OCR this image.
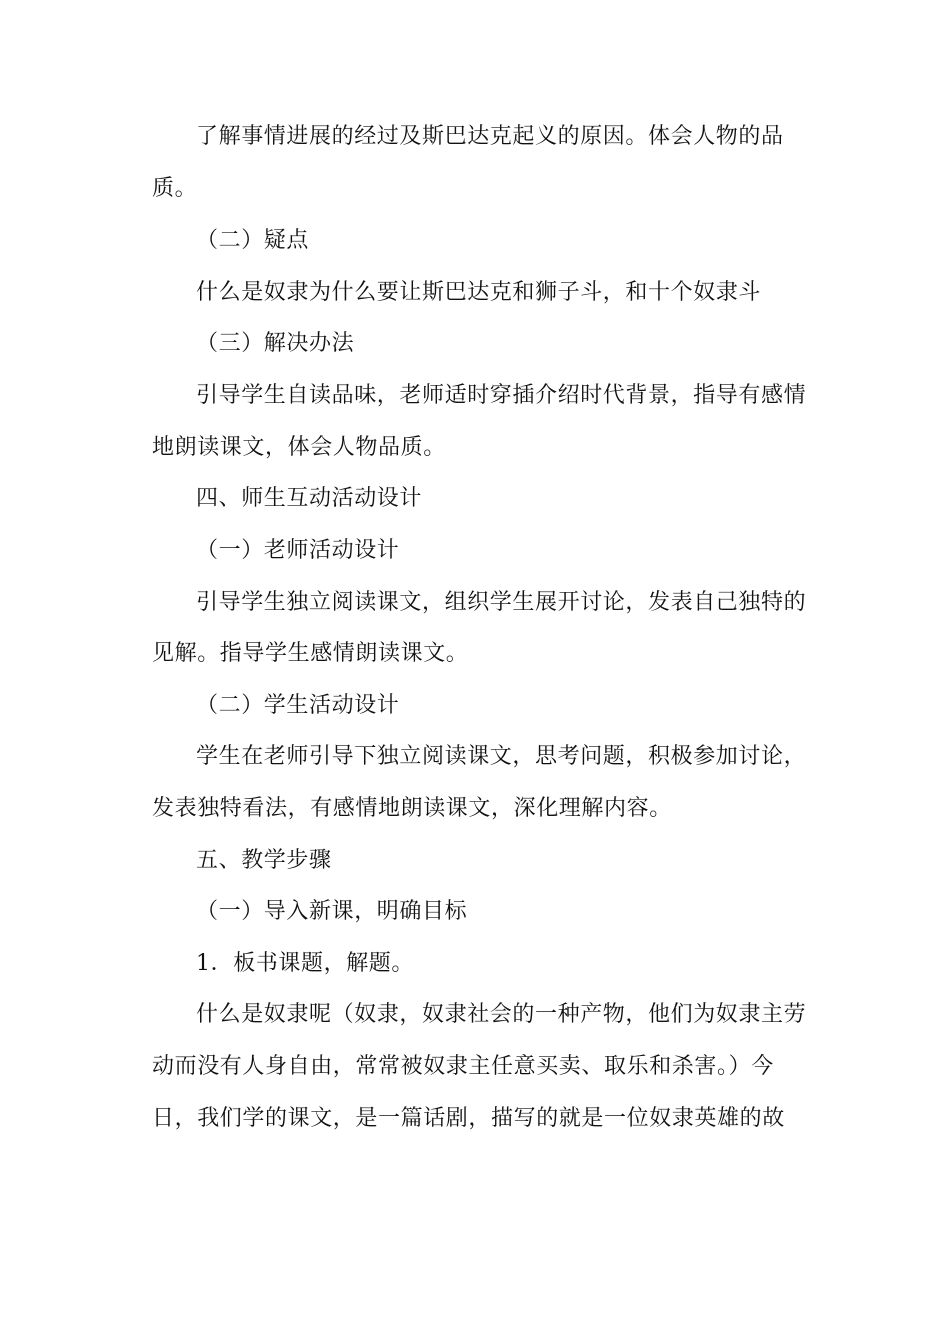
了解事情进展的经过及斯巴达克起义的原因。体会人物的品
质。
（二）疑点
什么是奴隶为什么要让斯巴达克和狮子斗，和十个奴隶斗
（三）解决办法
引导学生自读品味，老师适时穿插介绍时代背景，指导有感情
地朗读课文，体会人物品质。
四、师生互动活动设计
（一）老师活动设计
引导学生独立阅读课文，组织学生展开讨论，发表自己独特的
见解。指导学生感情朗读课文。
（二）学生活动设计
学生在老师引导下独立阅读课文，思考问题，积极参加讨论，
发表独特看法，有感情地朗读课文，深化理解内容。
五、教学步骤
（一）导入新课，明确目标
1．板书课题，解题。
什么是奴隶呢（奴隶，奴隶社会的一种产物，他们为奴隶主劳
动而没有人身自由，常常被奴隶主任意买卖、取乐和杀害。）今
日，我们学的课文，是一篇话剧，描写的就是一位奴隶英雄的故
